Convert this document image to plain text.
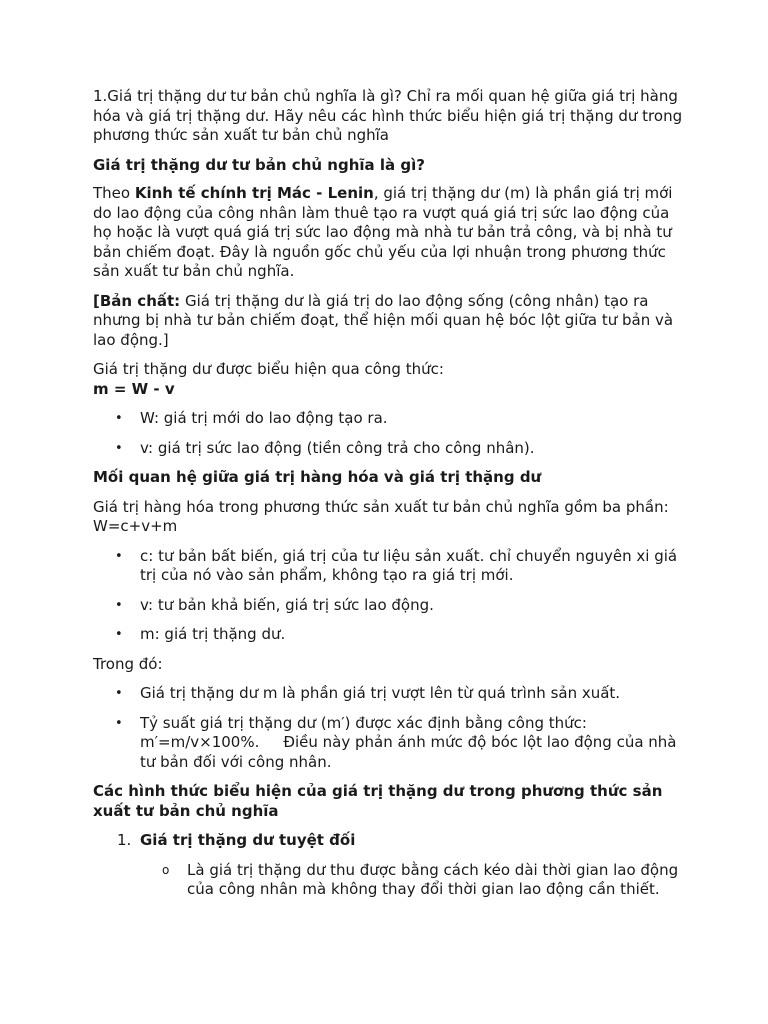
1.Giá trị thặng dư tư bản chủ nghĩa là gì? Chỉ ra mối quan hệ giữa giá trị hàng hóa và giá trị thặng dư. Hãy nêu các hình thức biểu hiện giá trị thặng dư trong phương thức sản xuất tư bản chủ nghĩa

Giá trị thặng dư tư bản chủ nghĩa là gì?

Theo Kinh tế chính trị Mác - Lenin, giá trị thặng dư (m) là phần giá trị mới do lao động của công nhân làm thuê tạo ra vượt quá giá trị sức lao động của họ hoặc là vượt quá giá trị sức lao động mà nhà tư bản trả công, và bị nhà tư bản chiếm đoạt. Đây là nguồn gốc chủ yếu của lợi nhuận trong phương thức sản xuất tư bản chủ nghĩa.

[Bản chất: Giá trị thặng dư là giá trị do lao động sống (công nhân) tạo ra nhưng bị nhà tư bản chiếm đoạt, thể hiện mối quan hệ bóc lột giữa tư bản và lao động.]

Giá trị thặng dư được biểu hiện qua công thức:

m = W - v

• W: giá trị mới do lao động tạo ra.
• v: giá trị sức lao động (tiền công trả cho công nhân).

Mối quan hệ giữa giá trị hàng hóa và giá trị thặng dư

Giá trị hàng hóa trong phương thức sản xuất tư bản chủ nghĩa gồm ba phần:

W=c+v+m

• c: tư bản bất biến, giá trị của tư liệu sản xuất. chỉ chuyển nguyên xi giá trị của nó vào sản phẩm, không tạo ra giá trị mới.
• v: tư bản khả biến, giá trị sức lao động.
• m: giá trị thặng dư.

Trong đó:

• Giá trị thặng dư m là phần giá trị vượt lên từ quá trình sản xuất.
• Tỷ suất giá trị thặng dư (m′) được xác định bằng công thức: m′=m/v×100%. Điều này phản ánh mức độ bóc lột lao động của nhà tư bản đối với công nhân.

Các hình thức biểu hiện của giá trị thặng dư trong phương thức sản xuất tư bản chủ nghĩa

1. Giá trị thặng dư tuyệt đối
o Là giá trị thặng dư thu được bằng cách kéo dài thời gian lao động của công nhân mà không thay đổi thời gian lao động cần thiết.
